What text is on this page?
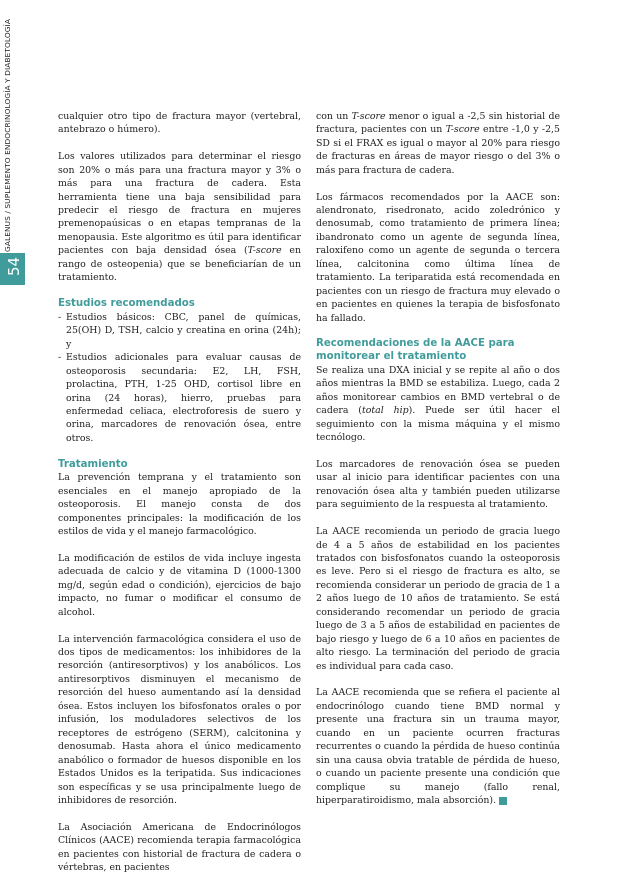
GALENUS / SUPLEMENTO ENDOCRINOLOGÍA Y DIABETOLOGÍA
54

cualquier otro tipo de fractura mayor (vertebral, antebrazo o húmero).

Los valores utilizados para determinar el riesgo son 20% o más para una fractura mayor y 3% o más para una fractura de cadera. Esta herramienta tiene una baja sensibilidad para predecir el riesgo de fractura en mujeres premenopaúsicas o en etapas tempranas de la menopausia. Este algoritmo es útil para identificar pacientes con baja densidad ósea (T-score en rango de osteopenia) que se beneficiarían de un tratamiento.

Estudios recomendados
- Estudios básicos: CBC, panel de químicas, 25(OH) D, TSH, calcio y creatina en orina (24h); y
- Estudios adicionales para evaluar causas de osteoporosis secundaria: E2, LH, FSH, prolactina, PTH, 1-25 OHD, cortisol libre en orina (24 horas), hierro, pruebas para enfermedad celiaca, electroforesis de suero y orina, marcadores de renovación ósea, entre otros.
Tratamiento

La prevención temprana y el tratamiento son esenciales en el manejo apropiado de la osteoporosis. El manejo consta de dos componentes principales: la modificación de los estilos de vida y el manejo farmacológico.

La modificación de estilos de vida incluye ingesta adecuada de calcio y de vitamina D (1000-1300 mg/d, según edad o condición), ejercicios de bajo impacto, no fumar o modificar el consumo de alcohol.

La intervención farmacológica considera el uso de dos tipos de medicamentos: los inhibidores de la resorción (antiresorptivos) y los anabólicos. Los antiresorptivos disminuyen el mecanismo de resorción del hueso aumentando así la densidad ósea. Estos incluyen los bifosfonatos orales o por infusión, los moduladores selectivos de los receptores de estrógeno (SERM), calcitonina y denosumab. Hasta ahora el único medicamento anabólico o formador de huesos disponible en los Estados Unidos es la teripatida. Sus indicaciones son específicas y se usa principalmente luego de inhibidores de resorción.

La Asociación Americana de Endocrinólogos Clínicos (AACE) recomienda terapia farmacológica en pacientes con historial de fractura de cadera o vértebras, en pacientes

con un T-score menor o igual a -2,5 sin historial de fractura, pacientes con un T-score entre -1,0 y -2,5 SD si el FRAX es igual o mayor al 20% para riesgo de fracturas en áreas de mayor riesgo o del 3% o más para fractura de cadera.

Los fármacos recomendados por la AACE son: alendronato, risedronato, acido zoledrónico y denosumab, como tratamiento de primera línea; ibandronato como un agente de segunda línea, raloxifeno como un agente de segunda o tercera línea, calcitonina como última línea de tratamiento. La teriparatida está recomendada en pacientes con un riesgo de fractura muy elevado o en pacientes en quienes la terapia de bisfosfonato ha fallado.

Recomendaciones de la AACE para monitorear el tratamiento

Se realiza una DXA inicial y se repite al año o dos años mientras la BMD se estabiliza. Luego, cada 2 años monitorear cambios en BMD vertebral o de cadera (total hip). Puede ser útil hacer el seguimiento con la misma máquina y el mismo tecnólogo.

Los marcadores de renovación ósea se pueden usar al inicio para identificar pacientes con una renovación ósea alta y también pueden utilizarse para seguimiento de la respuesta al tratamiento.

La AACE recomienda un periodo de gracia luego de 4 a 5 años de estabilidad en los pacientes tratados con bisfosfonatos cuando la osteoporosis es leve. Pero si el riesgo de fractura es alto, se recomienda considerar un periodo de gracia de 1 a 2 años luego de 10 años de tratamiento. Se está considerando recomendar un periodo de gracia luego de 3 a 5 años de estabilidad en pacientes de bajo riesgo y luego de 6 a 10 años en pacientes de alto riesgo. La terminación del periodo de gracia es individual para cada caso.

La AACE recomienda que se refiera el paciente al endocrinólogo cuando tiene BMD normal y presente una fractura sin un trauma mayor, cuando en un paciente ocurren fracturas recurrentes o cuando la pérdida de hueso continúa sin una causa obvia tratable de pérdida de hueso, o cuando un paciente presente una condición que complique su manejo (fallo renal, hiperparatiroidismo, mala absorción).
